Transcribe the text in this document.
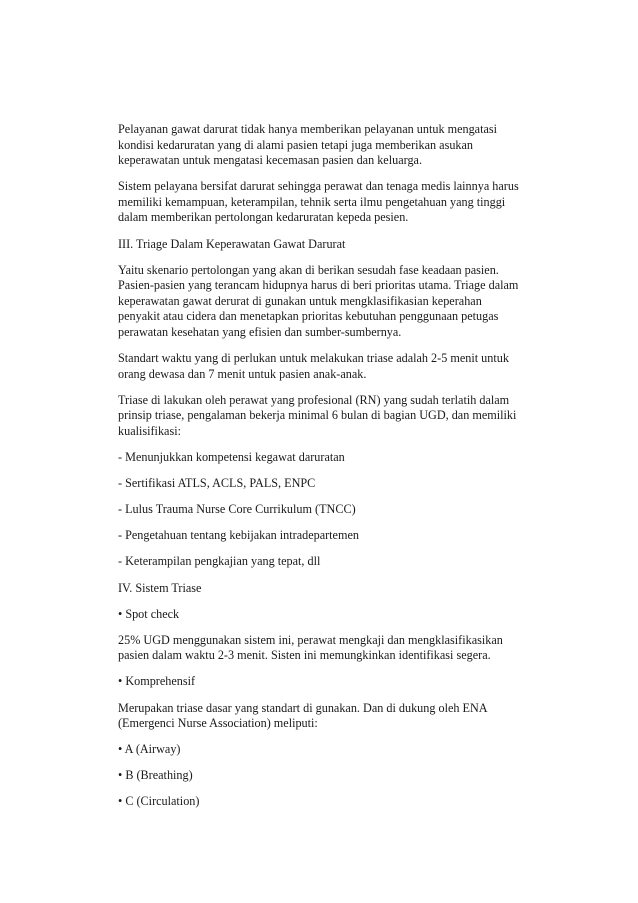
Pelayanan gawat darurat tidak hanya memberikan pelayanan untuk mengatasi
kondisi kedaruratan yang di alami pasien tetapi juga memberikan asukan
keperawatan untuk mengatasi kecemasan pasien dan keluarga.

Sistem pelayana bersifat darurat sehingga perawat dan tenaga medis lainnya harus
memiliki kemampuan, keterampilan, tehnik serta ilmu pengetahuan yang tinggi
dalam memberikan pertolongan kedaruratan kepeda pesien.

III. Triage Dalam Keperawatan Gawat Darurat

Yaitu skenario pertolongan yang akan di berikan sesudah fase keadaan pasien.
Pasien-pasien yang terancam hidupnya harus di beri prioritas utama. Triage dalam
keperawatan gawat derurat di gunakan untuk mengklasifikasian keperahan
penyakit atau cidera dan menetapkan prioritas kebutuhan penggunaan petugas
perawatan kesehatan yang efisien dan sumber-sumbernya.

Standart waktu yang di perlukan untuk melakukan triase adalah 2-5 menit untuk
orang dewasa dan 7 menit untuk pasien anak-anak.

Triase di lakukan oleh perawat yang profesional (RN) yang sudah terlatih dalam
prinsip triase, pengalaman bekerja minimal 6 bulan di bagian UGD, dan memiliki
kualisifikasi:

- Menunjukkan kompetensi kegawat daruratan

- Sertifikasi ATLS, ACLS, PALS, ENPC

- Lulus Trauma Nurse Core Currikulum (TNCC)

- Pengetahuan tentang kebijakan intradepartemen

- Keterampilan pengkajian yang tepat, dll

IV. Sistem Triase

• Spot check

25% UGD menggunakan sistem ini, perawat mengkaji dan mengklasifikasikan
pasien dalam waktu 2-3 menit. Sisten ini memungkinkan identifikasi segera.

• Komprehensif

Merupakan triase dasar yang standart di gunakan. Dan di dukung oleh ENA
(Emergenci Nurse Association) meliputi:

• A (Airway)

• B (Breathing)

• C (Circulation)
